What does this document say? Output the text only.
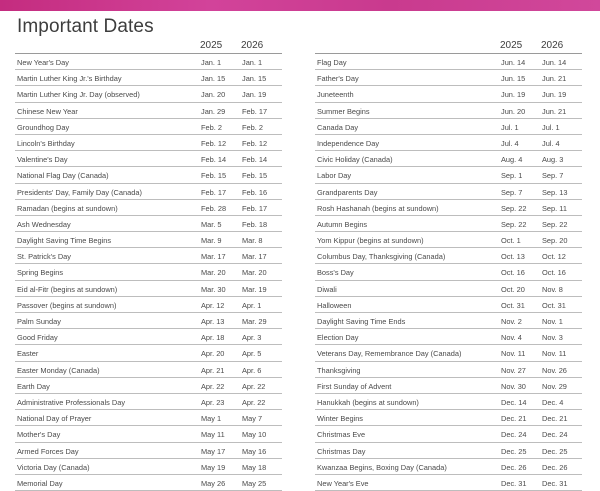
Important Dates
2025 2026
New Year's Day	Jan. 1	Jan. 1
Martin Luther King Jr.'s Birthday	Jan. 15 Jan. 15
Martin Luther King Jr. Day (observed)	Jan. 20 Jan. 19
Chinese New Year	Jan. 29 Feb. 17
Groundhog Day	Feb. 2	Feb. 2
Lincoln's Birthday	Feb. 12 Feb. 12
Valentine's Day	Feb. 14 Feb. 14
National Flag Day (Canada)	Feb. 15 Feb. 15
Presidents' Day, Family Day (Canada)	Feb. 17 Feb. 16
Ramadan (begins at sundown)	Feb. 28 Feb. 17
Ash Wednesday	Mar. 5	Feb. 18
Daylight Saving Time Begins	Mar. 9	Mar. 8
St. Patrick's Day	Mar. 17 Mar. 17
Spring Begins	Mar. 20 Mar. 20
Eid al-Fitr (begins at sundown)	Mar. 30 Mar. 19
Passover (begins at sundown)	Apr. 12 Apr. 1
Palm Sunday	Apr. 13 Mar. 29
Good Friday	Apr. 18 Apr. 3
Easter	Apr. 20 Apr. 5
Easter Monday (Canada)	Apr. 21 Apr. 6
Earth Day	Apr. 22 Apr. 22
Administrative Professionals Day	Apr. 23 Apr. 22
National Day of Prayer	May 1	May 7
Mother's Day	May 11 May 10
Armed Forces Day	May 17 May 16
Victoria Day (Canada)	May 19 May 18
Memorial Day	May 26 May 25
2025 2026
Flag Day	Jun. 14 Jun. 14
Father's Day	Jun. 15 Jun. 21
Juneteenth	Jun. 19 Jun. 19
Summer Begins	Jun. 20 Jun. 21
Canada Day	Jul. 1	Jul. 1
Independence Day	Jul. 4	Jul. 4
Civic Holiday (Canada)	Aug. 4	Aug. 3
Labor Day	Sep. 1	Sep. 7
Grandparents Day	Sep. 7	Sep. 13
Rosh Hashanah (begins at sundown)	Sep. 22 Sep. 11
Autumn Begins	Sep. 22 Sep. 22
Yom Kippur (begins at sundown)	Oct. 1	Sep. 20
Columbus Day, Thanksgiving (Canada)	Oct. 13 Oct. 12
Boss's Day	Oct. 16 Oct. 16
Diwali	Oct. 20 Nov. 8
Halloween	Oct. 31 Oct. 31
Daylight Saving Time Ends	Nov. 2	Nov. 1
Election Day	Nov. 4	Nov. 3
Veterans Day, Remembrance Day (Canada)	Nov. 11 Nov. 11
Thanksgiving	Nov. 27 Nov. 26
First Sunday of Advent	Nov. 30 Nov. 29
Hanukkah (begins at sundown)	Dec. 14 Dec. 4
Winter Begins	Dec. 21 Dec. 21
Christmas Eve	Dec. 24 Dec. 24
Christmas Day	Dec. 25 Dec. 25
Kwanzaa Begins, Boxing Day (Canada)	Dec. 26 Dec. 26
New Year's Eve	Dec. 31 Dec. 31
